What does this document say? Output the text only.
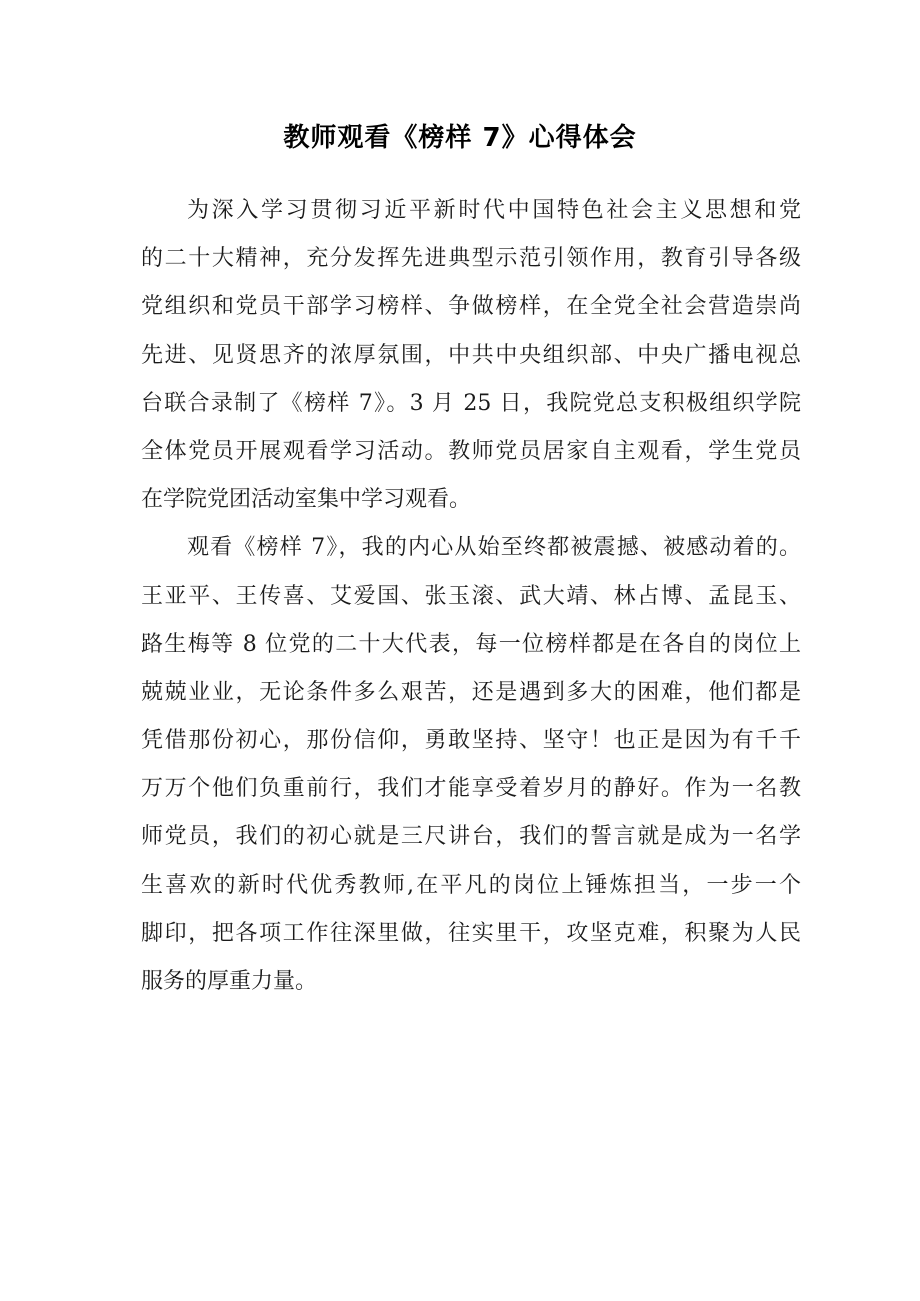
教师观看《榜样 7》心得体会
为深入学习贯彻习近平新时代中国特色社会主义思想和党
的二十大精神，充分发挥先进典型示范引领作用，教育引导各级
党组织和党员干部学习榜样、争做榜样，在全党全社会营造崇尚
先进、见贤思齐的浓厚氛围，中共中央组织部、中央广播电视总
台联合录制了《榜样 7》。3 月 25 日，我院党总支积极组织学院
全体党员开展观看学习活动。教师党员居家自主观看，学生党员
在学院党团活动室集中学习观看。
观看《榜样 7》，我的内心从始至终都被震撼、被感动着的。
王亚平、王传喜、艾爱国、张玉滚、武大靖、林占博、孟昆玉、
路生梅等 8 位党的二十大代表，每一位榜样都是在各自的岗位上
兢兢业业，无论条件多么艰苦，还是遇到多大的困难，他们都是
凭借那份初心，那份信仰，勇敢坚持、坚守！也正是因为有千千
万万个他们负重前行，我们才能享受着岁月的静好。作为一名教
师党员，我们的初心就是三尺讲台，我们的誓言就是成为一名学
生喜欢的新时代优秀教师,在平凡的岗位上锤炼担当，一步一个
脚印，把各项工作往深里做，往实里干，攻坚克难，积聚为人民
服务的厚重力量。
